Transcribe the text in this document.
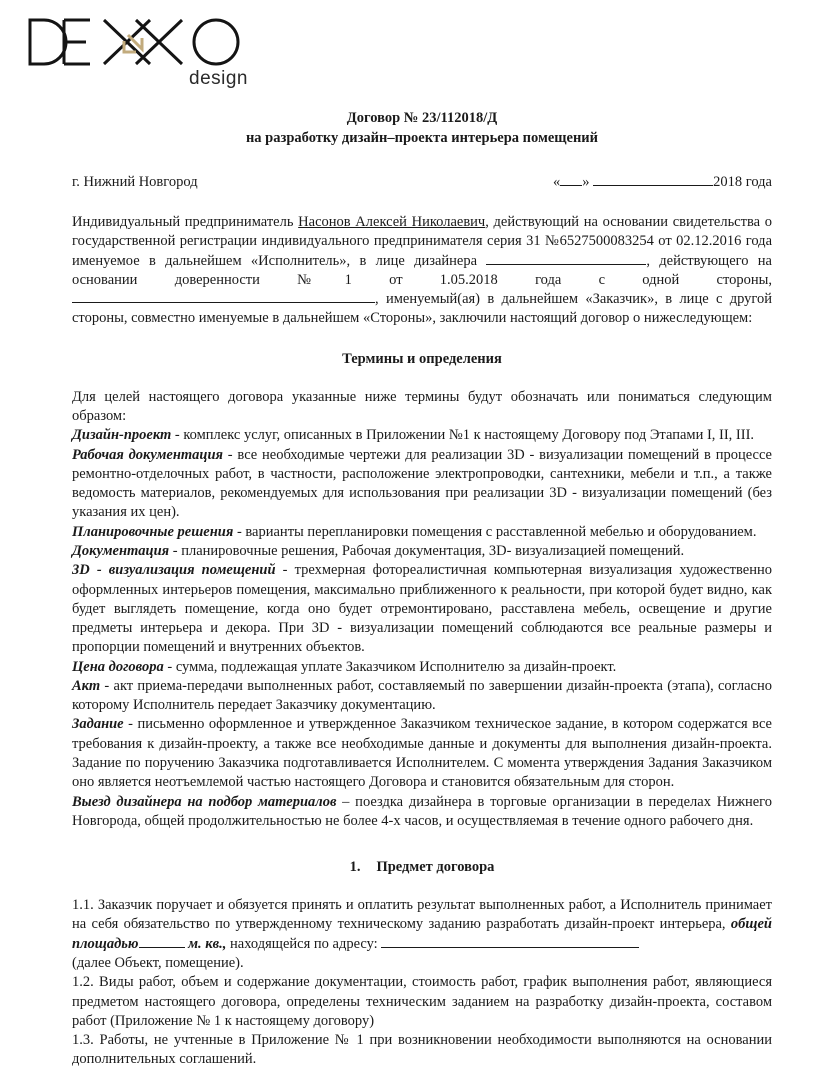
design
Договор № 23/112018/Д
на разработку дизайн–проекта интерьера помещений
г. Нижний Новгород	« »	2018 года

Индивидуальный предприниматель Насонов Алексей Николаевич, действующий на основании свидетельства о государственной регистрации индивидуального предпринимателя серия 31 №6527500083254 от 02.12.2016 года именуемое в дальнейшем «Исполнитель», в лице дизайнера	, действующего на основании доверенности №1 от 1.05.2018 года с одной стороны, , именуемый(ая) в дальнейшем «Заказчик», в лице с другой стороны, совместно именуемые в дальнейшем «Стороны», заключили настоящий договор о нижеследующем:

Термины и определения

Для целей настоящего договора указанные ниже термины будут обозначать или пониматься следующим образом:

Дизайн-проект - комплекс услуг, описанных в Приложении №1 к настоящему Договору под Этапами I, II, III.

Рабочая документация - все необходимые чертежи для реализации 3D - визуализации помещений в процессе ремонтно-отделочных работ, в частности, расположение электропроводки, сантехники, мебели и т.п., а также ведомость материалов, рекомендуемых для использования при реализации 3D - визуализации помещений (без указания их цен).

Планировочные решения - варианты перепланировки помещения с расставленной мебелью и оборудованием.

Документация - планировочные решения, Рабочая документация, 3D- визуализацией помещений.

3D - визуализация помещений - трехмерная фотореалистичная компьютерная визуализация художественно оформленных интерьеров помещения, максимально приближенного к реальности, при которой будет видно, как будет выглядеть помещение, когда оно будет отремонтировано, расставлена мебель, освещение и другие предметы интерьера и декора. При 3D - визуализации помещений соблюдаются все реальные размеры и пропорции помещений и внутренних объектов.

Цена договора - сумма, подлежащая уплате Заказчиком Исполнителю за дизайн-проект.

Акт - акт приема-передачи выполненных работ, составляемый по завершении дизайн-проекта (этапа), согласно которому Исполнитель передает Заказчику документацию.

Задание - письменно оформленное и утвержденное Заказчиком техническое задание, в котором содержатся все требования к дизайн-проекту, а также все необходимые данные и документы для выполнения дизайн-проекта. Задание по поручению Заказчика подготавливается Исполнителем. С момента утверждения Задания Заказчиком оно является неотъемлемой частью настоящего Договора и становится обязательным для сторон.

Выезд дизайнера на подбор материалов – поездка дизайнера в торговые организации в переделах Нижнего Новгорода, общей продолжительностью не более 4-х часов, и осуществляемая в течение одного рабочего дня.

1. Предмет договора

1.1. Заказчик поручает и обязуется принять и оплатить результат выполненных работ, а Исполнитель принимает на себя обязательство по утвержденному техническому заданию разработать дизайн-проект интерьера, общей площадью	м. кв., находящейся по адресу:

(далее Объект, помещение).

1.2. Виды работ, объем и содержание документации, стоимость работ, график выполнения работ, являющиеся предметом настоящего договора, определены техническим заданием на разработку дизайн-проекта, составом работ (Приложение № 1 к настоящему договору)

1.3. Работы, не учтенные в Приложение № 1 при возникновении необходимости выполняются на основании дополнительных соглашений.
